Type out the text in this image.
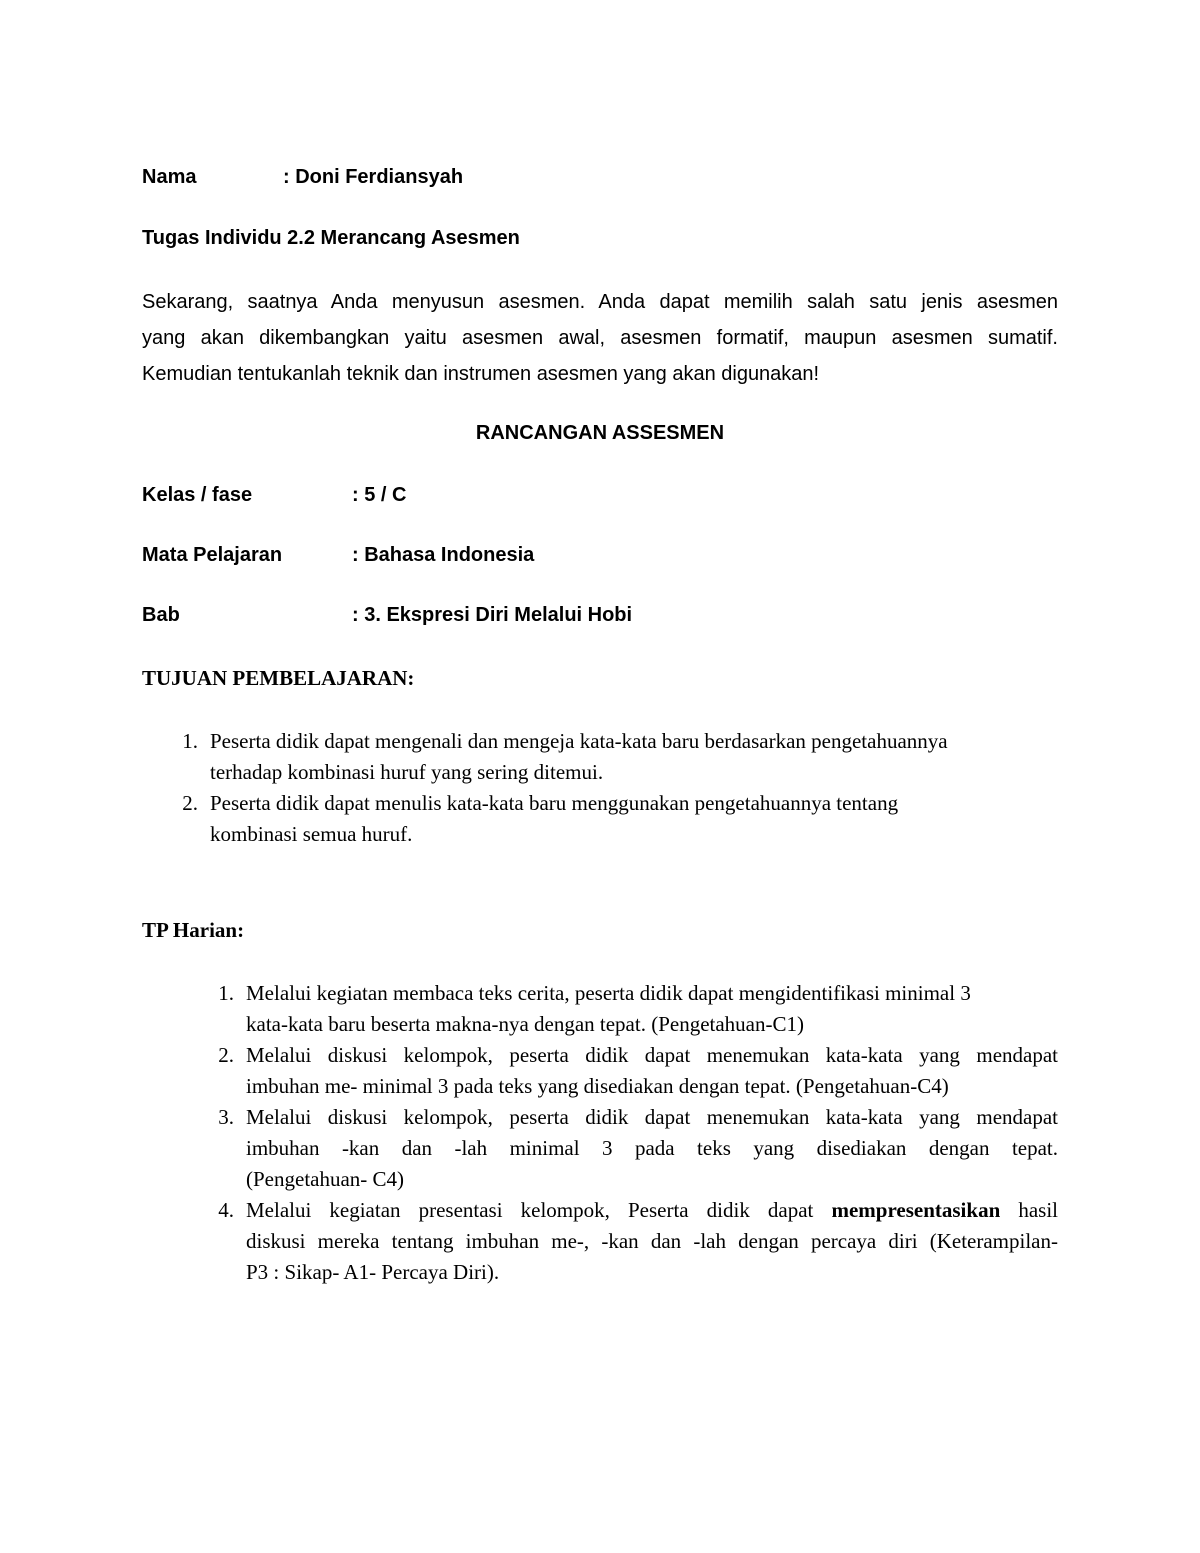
Nama	: Doni Ferdiansyah
Tugas Individu 2.2 Merancang Asesmen
Sekarang, saatnya Anda menyusun asesmen. Anda dapat memilih salah satu jenis asesmen
yang akan dikembangkan yaitu asesmen awal, asesmen formatif, maupun asesmen sumatif.
Kemudian tentukanlah teknik dan instrumen asesmen yang akan digunakan!
RANCANGAN ASSESMEN
Kelas / fase	: 5 / C
Mata Pelajaran	: Bahasa Indonesia
Bab	: 3. Ekspresi Diri Melalui Hobi
TUJUAN PEMBELAJARAN:
1. Peserta didik dapat mengenali dan mengeja kata-kata baru berdasarkan pengetahuannya
terhadap kombinasi huruf yang sering ditemui.
2. Peserta didik dapat menulis kata-kata baru menggunakan pengetahuannya tentang
kombinasi semua huruf.
TP Harian:
1. Melalui kegiatan membaca teks cerita, peserta didik dapat mengidentifikasi minimal 3
kata-kata baru beserta makna-nya dengan tepat. (Pengetahuan-C1)
2. Melalui diskusi kelompok, peserta didik dapat menemukan kata-kata yang mendapat
imbuhan me- minimal 3 pada teks yang disediakan dengan tepat. (Pengetahuan-C4)
3. Melalui diskusi kelompok, peserta didik dapat menemukan kata-kata yang mendapat
imbuhan -kan dan -lah minimal 3 pada teks yang disediakan dengan tepat.
(Pengetahuan- C4)
4. Melalui kegiatan presentasi kelompok, Peserta didik dapat mempresentasikan hasil
diskusi mereka tentang imbuhan me-, -kan dan -lah dengan percaya diri (Keterampilan-
P3 : Sikap- A1- Percaya Diri).
